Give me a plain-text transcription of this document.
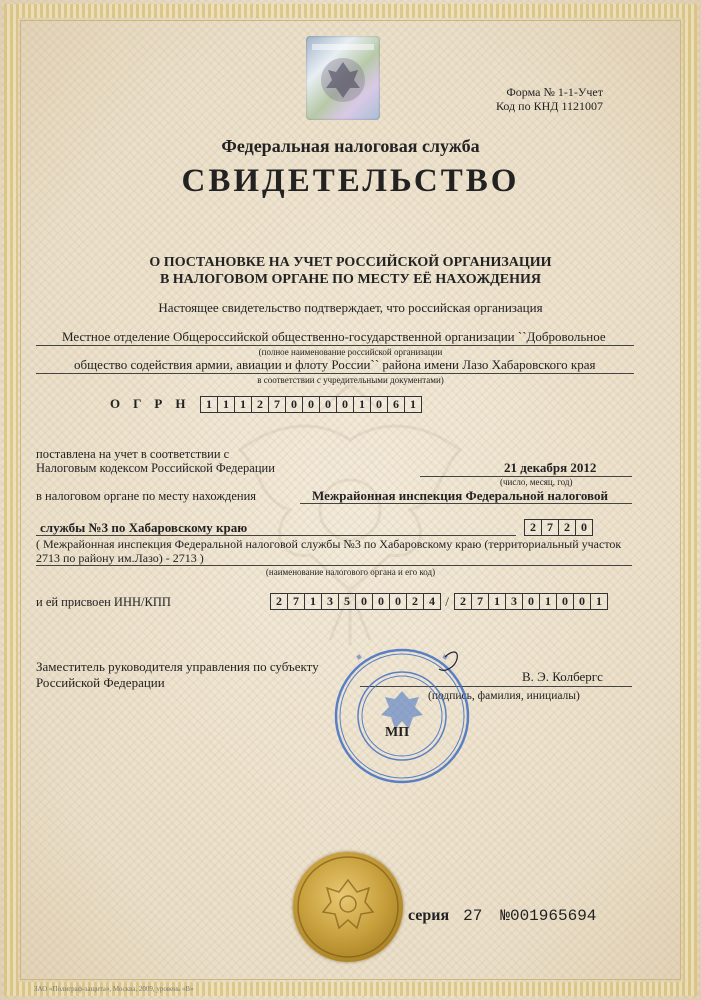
Форма № 1-1-Учет
Код по КНД 1121007
Федеральная налоговая служба
СВИДЕТЕЛЬСТВО
О ПОСТАНОВКЕ НА УЧЕТ РОССИЙСКОЙ ОРГАНИЗАЦИИ
В НАЛОГОВОМ ОРГАНЕ ПО МЕСТУ ЕЁ НАХОЖДЕНИЯ
Настоящее свидетельство подтверждает, что российская организация
Местное отделение Общероссийской общественно-государственной организации ``Добровольное
(полное наименование российской организации
общество содействия армии, авиации и флоту России`` района имени Лазо Хабаровского края
в соответствии с учредительными документами)
ОГРН 1 1 1 2 7 0 0 0 0 1 0 6 1
поставлена на учет в соответствии с
Налоговым кодексом Российской Федерации	21 декабря 2012
(число, месяц, год)
в налоговом органе по месту нахождения	Межрайонная инспекция Федеральной налоговой
службы №3 по Хабаровскому краю	2 7 2 0
( Межрайонная инспекция Федеральной налоговой службы №3 по Хабаровскому краю (территориальный участок
2713 по району им.Лазо) - 2713 )
(наименование налогового органа и его код)
и ей присвоен ИНН/КПП	2 7 1 3 5 0 0 0 2 4 / 2 7 1 3 0 1 0 0 1
Заместитель руководителя управления по субъекту
Российской Федерации	В. Э. Колбергс
(подпись, фамилия, инициалы)
МП
серия 27 №001965694
ЗАО «Полиграф-защита», Москва, 2009, уровень «В»
